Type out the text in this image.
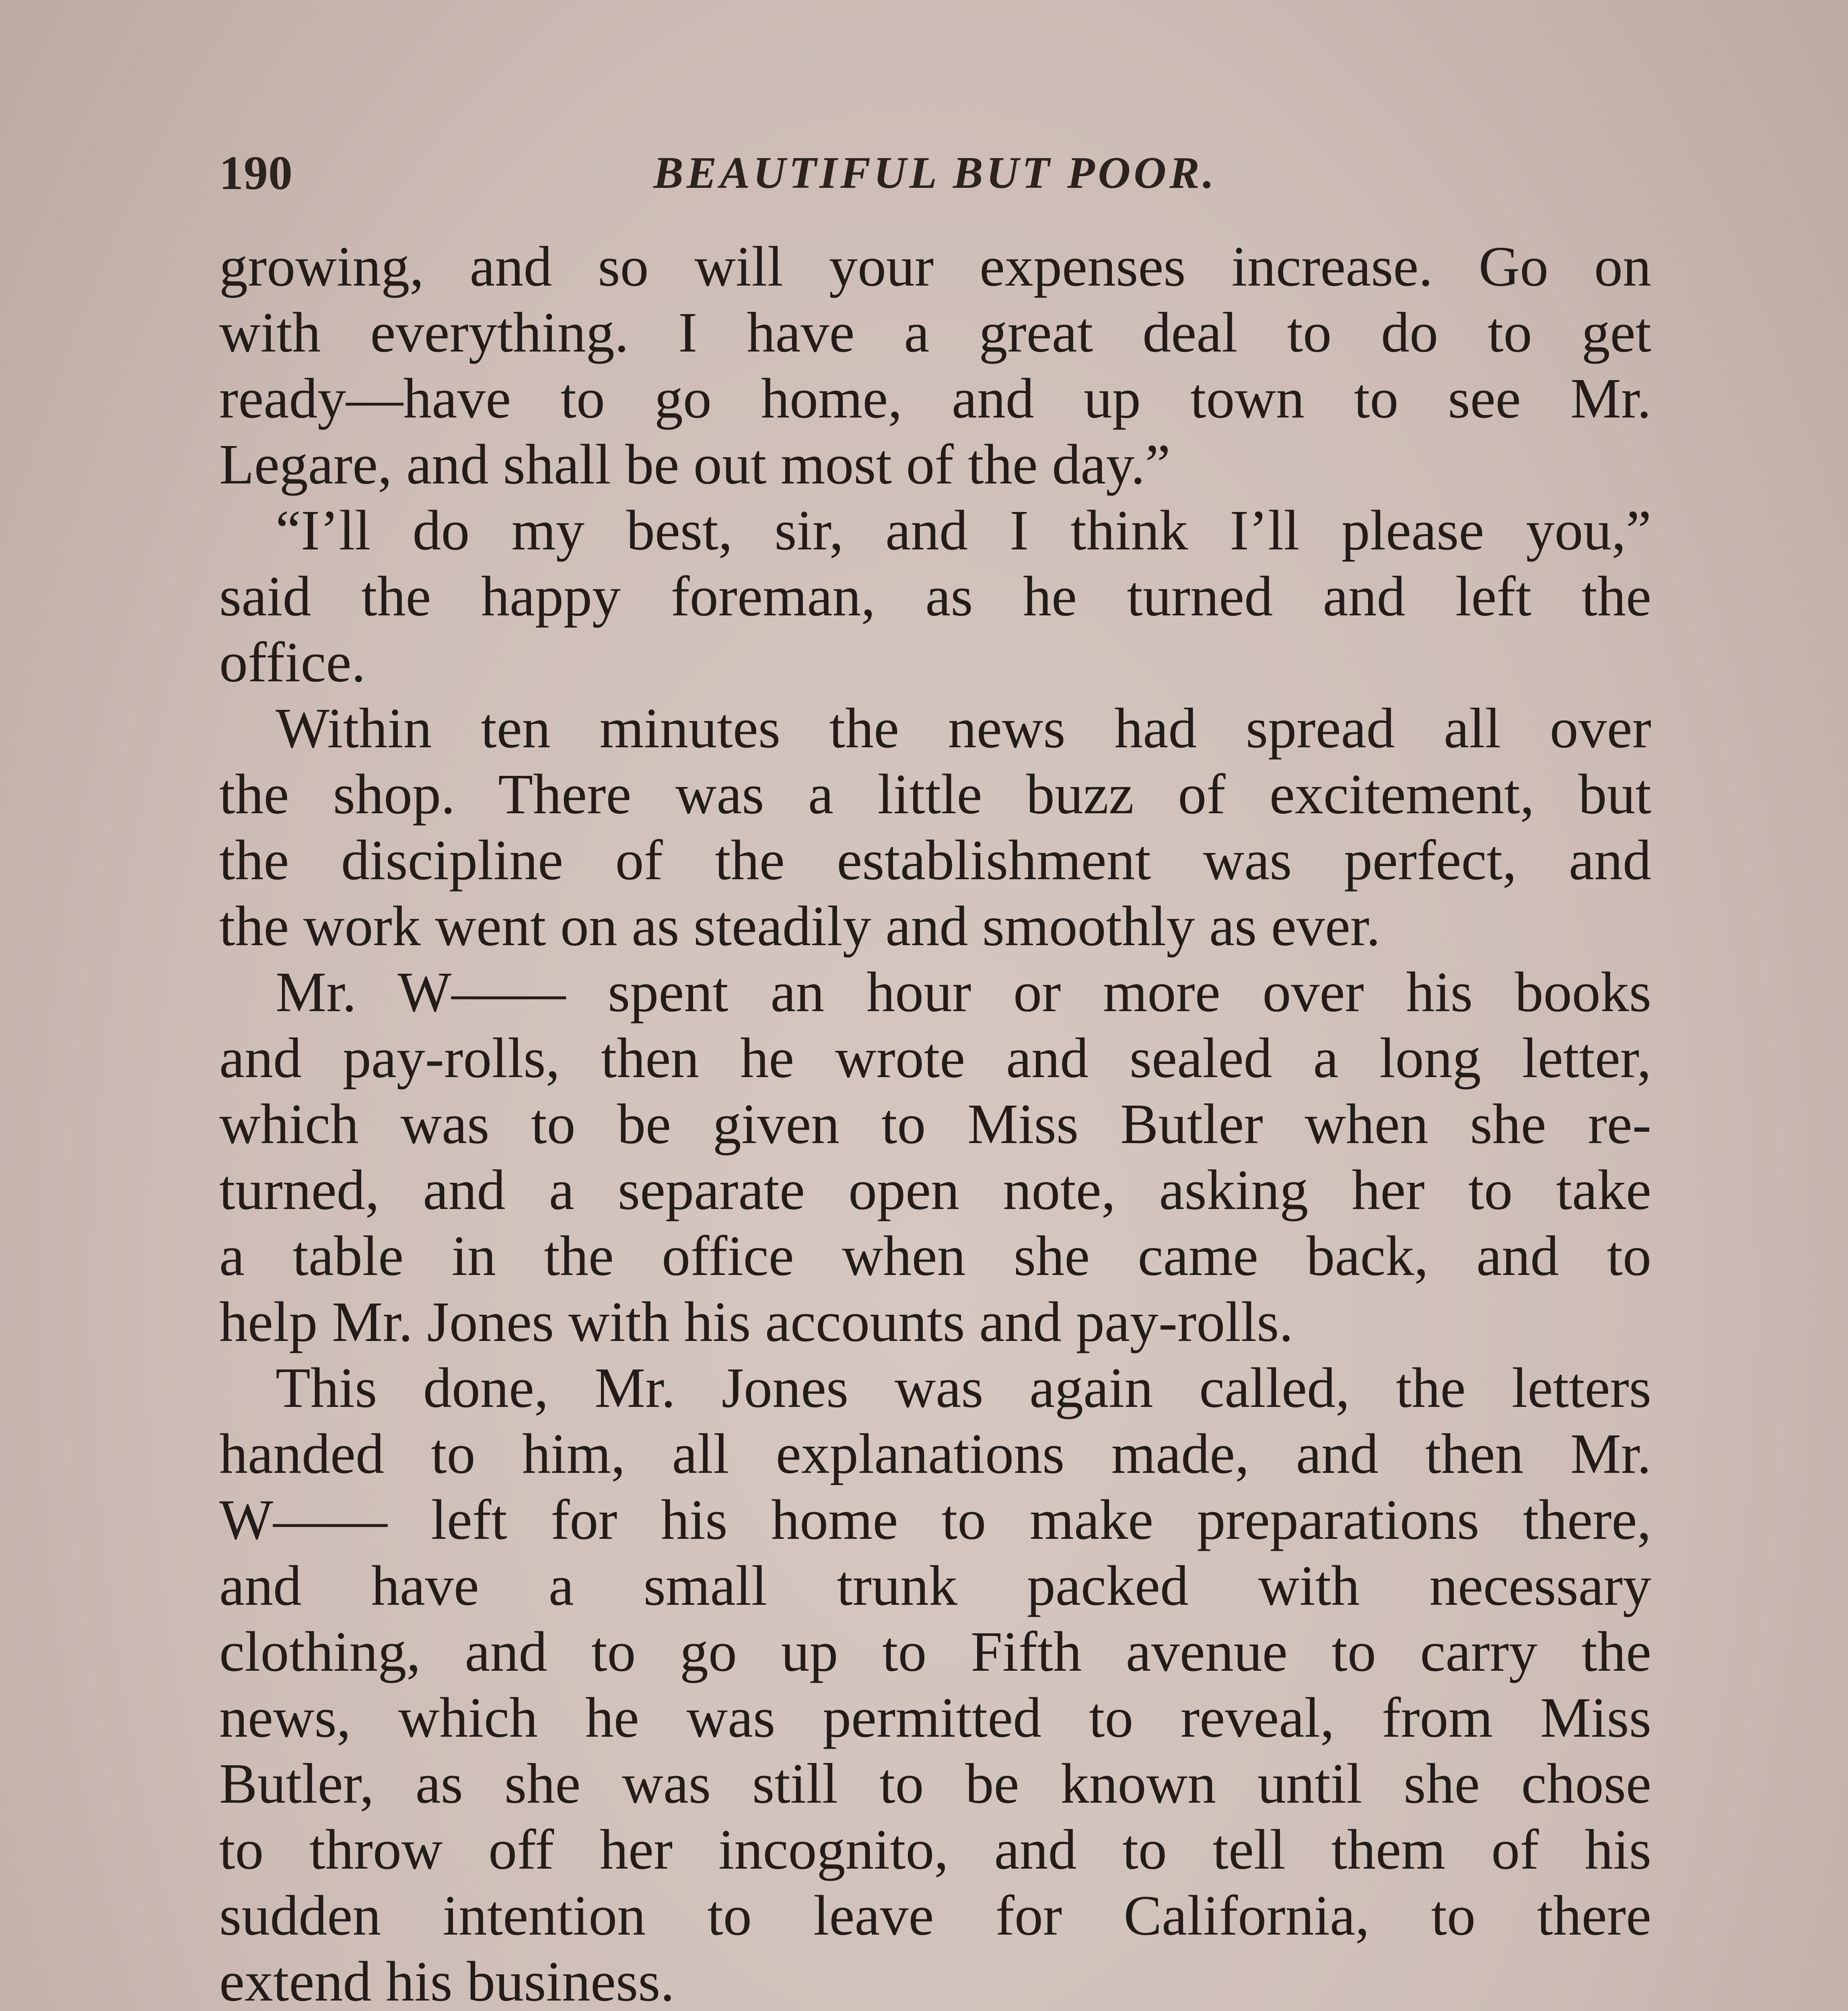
190	BEAUTIFUL BUT POOR.
growing, and so will your expenses increase. Go on
with everything. I have a great deal to do to get
ready—have to go home, and up town to see Mr.
Legare, and shall be out most of the day.”
“I’ll do my best, sir, and I think I’ll please you,”
said the happy foreman, as he turned and left the
office.
Within ten minutes the news had spread all over
the shop. There was a little buzz of excitement, but
the discipline of the establishment was perfect, and
the work went on as steadily and smoothly as ever.
Mr. W—— spent an hour or more over his books
and pay-rolls, then he wrote and sealed a long letter,
which was to be given to Miss Butler when she re-
turned, and a separate open note, asking her to take
a table in the office when she came back, and to
help Mr. Jones with his accounts and pay-rolls.
This done, Mr. Jones was again called, the letters
handed to him, all explanations made, and then Mr.
W—— left for his home to make preparations there,
and have a small trunk packed with necessary
clothing, and to go up to Fifth avenue to carry the
news, which he was permitted to reveal, from Miss
Butler, as she was still to be known until she chose
to throw off her incognito, and to tell them of his
sudden intention to leave for California, to there
extend his business.
